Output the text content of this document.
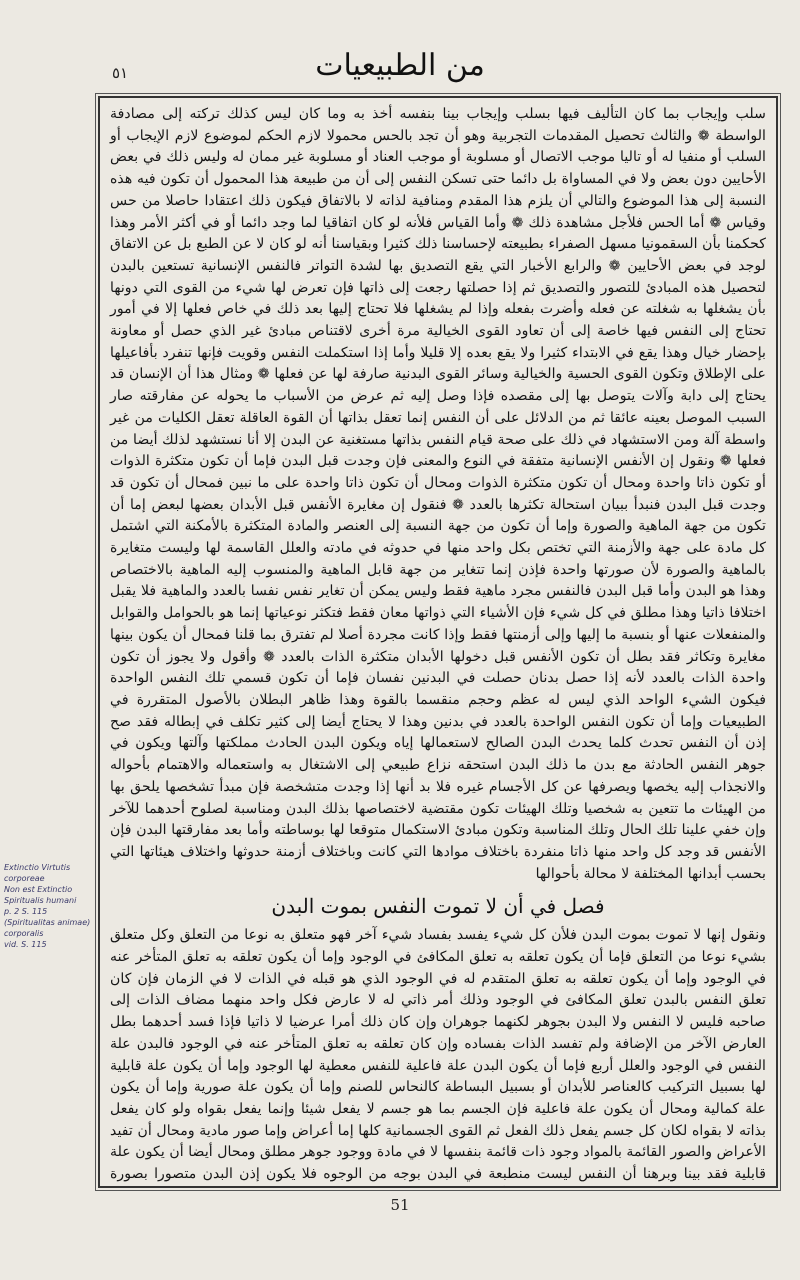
٥١	من الطبيعيات

سلب وإيجاب بما كان التأليف فيها بسلب وإيجاب بينا بنفسه أخذ به وما كان ليس كذلك تركته إلى مصادفة الواسطة ❁ والثالث تحصيل المقدمات التجربية وهو أن تجد بالحس محمولا لازم الحكم لموضوع لازم الإيجاب أو السلب أو منفيا له أو تاليا موجب الاتصال أو مسلوبة أو موجب العناد أو مسلوبة غير ممان له وليس ذلك في بعض الأحايين دون بعض ولا في المساواة بل دائما حتى تسكن النفس إلى أن من طبيعة هذا المحمول أن تكون فيه هذه النسبة إلى هذا الموضوع والتالي أن يلزم هذا المقدم ومنافية لذاته لا بالاتفاق فيكون ذلك اعتقادا حاصلا من حس وقياس ❁ أما الحس فلأجل مشاهدة ذلك ❁ وأما القياس فلأنه لو كان اتفاقيا لما وجد دائما أو في أكثر الأمر وهذا كحكمنا بأن السقمونيا مسهل الصفراء بطبيعته لإحساسنا ذلك كثيرا وبقياسنا أنه لو كان لا عن الطبع بل عن الاتفاق لوجد في بعض الأحايين ❁ والرابع الأخبار التي يقع التصديق بها لشدة التواتر فالنفس الإنسانية تستعين بالبدن لتحصيل هذه المبادئ للتصور والتصديق ثم إذا حصلتها رجعت إلى ذاتها فإن تعرض لها شيء من القوى التي دونها بأن يشغلها به شغلته عن فعله وأضرت بفعله وإذا لم يشغلها فلا تحتاج إليها بعد ذلك في خاص فعلها إلا في أمور تحتاج إلى النفس فيها خاصة إلى أن تعاود القوى الخيالية مرة أخرى لاقتناص مبادئ غير الذي حصل أو معاونة بإحضار خيال وهذا يقع في الابتداء كثيرا ولا يقع بعده إلا قليلا وأما إذا استكملت النفس وقويت فإنها تنفرد بأفاعيلها على الإطلاق وتكون القوى الحسية والخيالية وسائر القوى البدنية صارفة لها عن فعلها ❁ ومثال هذا أن الإنسان قد يحتاج إلى دابة وآلات يتوصل بها إلى مقصده فإذا وصل إليه ثم عرض من الأسباب ما يحوله عن مفارقته صار السبب الموصل بعينه عائقا ثم من الدلائل على أن النفس إنما تعقل بذاتها أن القوة العاقلة تعقل الكليات من غير واسطة آلة ومن الاستشهاد في ذلك على صحة قيام النفس بذاتها مستغنية عن البدن إلا أنا نستشهد لذلك أيضا من فعلها ❁ ونقول إن الأنفس الإنسانية متفقة في النوع والمعنى فإن وجدت قبل البدن فإما أن تكون متكثرة الذوات أو تكون ذاتا واحدة ومحال أن تكون متكثرة الذوات ومحال أن تكون ذاتا واحدة على ما نبين فمحال أن تكون قد وجدت قبل البدن فنبدأ ببيان استحالة تكثرها بالعدد ❁ فنقول إن مغايرة الأنفس قبل الأبدان بعضها لبعض إما أن تكون من جهة الماهية والصورة وإما أن تكون من جهة النسبة إلى العنصر والمادة المتكثرة بالأمكنة التي اشتمل كل مادة على جهة والأزمنة التي تختص بكل واحد منها في حدوثه في مادته والعلل القاسمة لها وليست متغايرة بالماهية والصورة لأن صورتها واحدة فإذن إنما تتغاير من جهة قابل الماهية والمنسوب إليه الماهية بالاختصاص وهذا هو البدن وأما قبل البدن فالنفس مجرد ماهية فقط وليس يمكن أن تغاير نفس نفسا بالعدد والماهية فلا يقبل اختلافا ذاتيا وهذا مطلق في كل شيء فإن الأشياء التي ذواتها معان فقط فتكثر نوعياتها إنما هو بالحوامل والقوابل والمنفعلات عنها أو بنسبة ما إليها وإلى أزمنتها فقط وإذا كانت مجردة أصلا لم تفترق بما قلنا فمحال أن يكون بينها مغايرة وتكاثر فقد بطل أن تكون الأنفس قبل دخولها الأبدان متكثرة الذات بالعدد ❁ وأقول ولا يجوز أن تكون واحدة الذات بالعدد لأنه إذا حصل بدنان حصلت في البدنين نفسان فإما أن تكون قسمي تلك النفس الواحدة فيكون الشيء الواحد الذي ليس له عظم وحجم منقسما بالقوة وهذا ظاهر البطلان بالأصول المتقررة في الطبيعيات وإما أن تكون النفس الواحدة بالعدد في بدنين وهذا لا يحتاج أيضا إلى كثير تكلف في إبطاله فقد صح إذن أن النفس تحدث كلما يحدث البدن الصالح لاستعمالها إياه ويكون البدن الحادث مملكتها وآلتها ويكون في جوهر النفس الحادثة مع بدن ما ذلك البدن استحقه نزاع طبيعي إلى الاشتغال به واستعماله والاهتمام بأحواله والانجذاب إليه يخصها ويصرفها عن كل الأجسام غيره فلا بد أنها إذا وجدت متشخصة فإن مبدأ تشخصها يلحق بها من الهيئات ما تتعين به شخصيا وتلك الهيئات تكون مقتضية لاختصاصها بذلك البدن ومناسبة لصلوح أحدهما للآخر وإن خفي علينا تلك الحال وتلك المناسبة وتكون مبادئ الاستكمال متوقعا لها بوساطته وأما بعد مفارقتها البدن فإن الأنفس قد وجد كل واحد منها ذاتا منفردة باختلاف موادها التي كانت وباختلاف أزمنة حدوثها واختلاف هيئاتها التي بحسب أبدانها المختلفة لا محالة بأحوالها

فصل في أن لا تموت النفس بموت البدن

ونقول إنها لا تموت بموت البدن فلأن كل شيء يفسد بفساد شيء آخر فهو متعلق به نوعا من التعلق وكل متعلق بشيء نوعا من التعلق فإما أن يكون تعلقه به تعلق المكافئ في الوجود وإما أن يكون تعلقه به تعلق المتأخر عنه في الوجود وإما أن يكون تعلقه به تعلق المتقدم له في الوجود الذي هو قبله في الذات لا في الزمان فإن كان تعلق النفس بالبدن تعلق المكافئ في الوجود وذلك أمر ذاتي له لا عارض فكل واحد منهما مضاف الذات إلى صاحبه فليس لا النفس ولا البدن بجوهر لكنهما جوهران وإن كان ذلك أمرا عرضيا لا ذاتيا فإذا فسد أحدهما بطل العارض الآخر من الإضافة ولم تفسد الذات بفساده وإن كان تعلقه به تعلق المتأخر عنه في الوجود فالبدن علة النفس في الوجود والعلل أربع فإما أن يكون البدن علة فاعلية للنفس معطية لها الوجود وإما أن يكون علة قابلية لها بسبيل التركيب كالعناصر للأبدان أو بسبيل البساطة كالنحاس للصنم وإما أن يكون علة صورية وإما أن يكون علة كمالية ومحال أن يكون علة فاعلية فإن الجسم بما هو جسم لا يفعل شيئا وإنما يفعل بقواه ولو كان يفعل بذاته لا بقواه لكان كل جسم يفعل ذلك الفعل ثم القوى الجسمانية كلها إما أعراض وإما صور مادية ومحال أن تفيد الأعراض والصور القائمة بالمواد وجود ذات قائمة بنفسها لا في مادة ووجود جوهر مطلق ومحال أيضا أن يكون علة قابلية فقد بينا وبرهنا أن النفس ليست منطبعة في البدن بوجه من الوجوه فلا يكون إذن البدن متصورا بصورة

Extinctio Virtutis corporeae
Non est Extinctio
Spiritualis humani
p. 2 S. 115
(Spiritualitas animae)
corporalis
vid. S. 115
51
